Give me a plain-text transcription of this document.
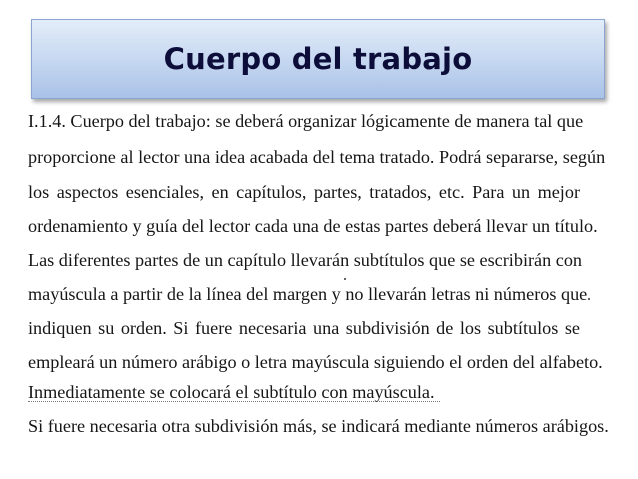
Cuerpo del trabajo

I.1.4. Cuerpo del trabajo: se deberá organizar lógicamente de manera tal que

proporcione al lector una idea acabada del tema tratado. Podrá separarse, según

los aspectos esenciales, en capítulos, partes, tratados, etc. Para un mejor

ordenamiento y guía del lector cada una de estas partes deberá llevar un título.

Las diferentes partes de un capítulo llevarán subtítulos que se escribirán con

mayúscula a partir de la línea del margen y no llevarán letras ni números que

indiquen su orden. Si fuere necesaria una subdivisión de los subtítulos se

empleará un número arábigo o letra mayúscula siguiendo el orden del alfabeto.

Inmediatamente se colocará el subtítulo con mayúscula.

Si fuere necesaria otra subdivisión más, se indicará mediante números arábigos.
